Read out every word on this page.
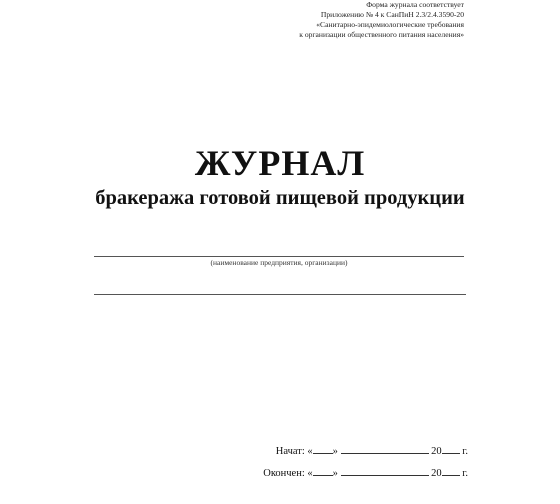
Форма журнала соответствует
Приложению № 4 к СанПиН 2.3/2.4.3590-20
«Санитарно-эпидемиологические требования
к организации общественного питания населения»
ЖУРНАЛ
бракеража готовой пищевой продукции
(наименование предприятия, организации)
Начат: « »	20 г.
Окончен: « »	20 г.
